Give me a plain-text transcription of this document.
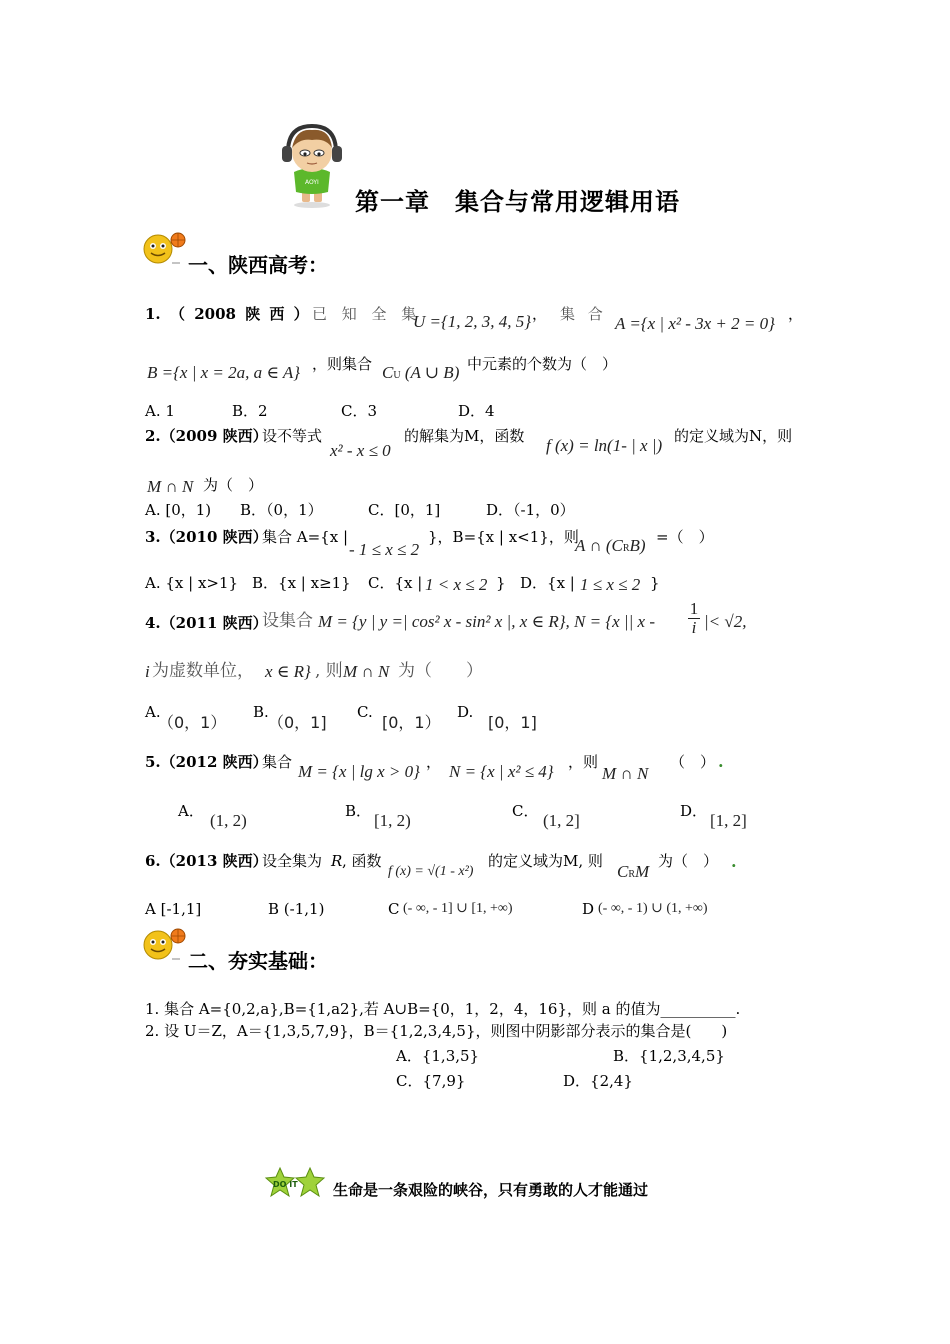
AOYI
第一章　集合与常用逻辑用语
一、陕西高考：
1. （ 2008 陕 西 ） 已 知 全 集
U ={1, 2, 3, 4, 5} ， 集 合 A ={x | x² - 3x + 2 = 0} ，
B ={x | x = 2a, a ∈ A} ，则集合 CU (A ∪ B) 中元素的个数为（　）
A. 1	B．2	C．3	D．4
2.（2009 陕西）
设不等式
x² - x ≤ 0
的解集为M，函数 f (x) = ln(1- | x |) 的定义域为N，则
M ∩ N 为（　）
A. [0，1) B．（0，1）	C．[0，1]	D．（-1，0）
3.（2010 陕西）
集合 A={x |
- 1 ≤ x ≤ 2
}，B={x | x<1}，则
A ∩ (CRB) =（　）
A. {x | x>1} B．{x | x≥1} C．{x | 1 < x ≤ 2 } D．{x | 1 ≤ x ≤ 2 }
4.（2011 陕西）
设集合 M = {y | y =| cos² x - sin² x |, x ∈ R}, N = {x || x -
1
i |< √2,
i 为虚数单位， x ∈ R} , 则 M ∩ N 为（　　）
A.
（0，1）
B.
（0，1]
C.
[0，1）
D.
[0，1]
5.（2012 陕西）
集合 M = {x | lg x > 0} ， N = {x | x² ≤ 4} ，则
M ∩ N
（　） .
A． (1, 2)	B． [1, 2)	C． (1, 2]	D． [1, 2]
6.（2013 陕西）
设全集为 R , 函数
f (x) = √(1 - x²)
的定义域为M, 则
CRM
为（　） .
A [-1,1]	B (-1,1)	C (- ∞, - 1] ∪ [1, +∞)	D (- ∞, - 1) ∪ (1, +∞)
二、夯实基础：
1. 集合 A={0,2,a},B={1,a2},若 A∪B={0，1，2，4，16}，则 a 的值为__________.
2. 设 U＝Z，A＝{1,3,5,7,9}，B＝{1,2,3,4,5}，则图中阴影部分表示的集合是(　　)
A．{1,3,5}	B．{1,2,3,4,5}
C．{7,9}	D．{2,4}
DO IT 生命是一条艰险的峡谷，只有勇敢的人才能通过
